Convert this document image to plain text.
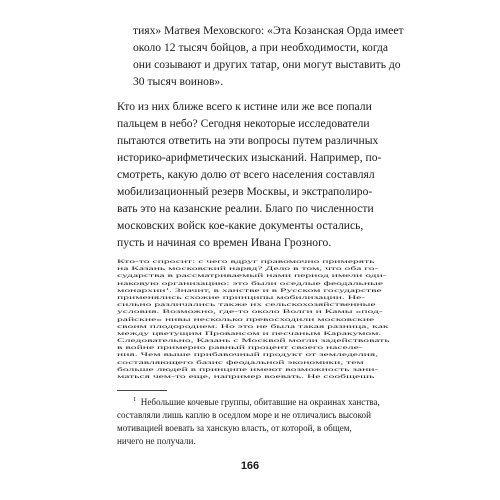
тиях» Матвея Меховского: «Эта Козанская Орда имеет
около 12 тысяч бойцов, а при необходимости, когда
они созывают и других татар, они могут выставить до
30 тысяч воинов».
Кто из них ближе всего к истине или же все попали
пальцем в небо? Сегодня некоторые исследователи
пытаются ответить на эти вопросы путем различных
историко-арифметических изысканий. Например, по-
смотреть, какую долю от всего населения составлял
мобилизационный резерв Москвы, и экстраполиро-
вать это на казанские реалии. Благо по численности
московских войск кое-какие документы остались,
пусть и начиная со времен Ивана Грозного.
Кто-то спросит: с чего вдруг правомочно примерять
на Казань московский наряд? Дело в том, что оба го-
сударства в рассматриваемый нами период имели оди-
наковую организацию: это были оседлые феодальные
монархии$^1$. Значит, в ханстве и в Русском государстве
применялись схожие принципы мобилизации. Не-
сильно различались также их сельскохозяйственные
условия. Возможно, где-то около Волги и Камы «под-
райские» нивы несколько превосходили московские
своим плодородием. Но это не была такая разница, как
между цветущим Провансом и песчаным Каракумом.
Следовательно, Казань с Москвой могли задействовать
в войне примерно равный процент своего населе-
ния. Чем выше прибавочный продукт от земледелия,
составляющего базис феодальной экономики, тем
больше людей в принципе имеют возможность зани-
маться чем-то еще, например воевать. Не сообщешь
$^1$ Небольшие кочевые группы, обитавшие на окраинах ханства,
составляли лишь каплю в оседлом море и не отличались высокой
мотивацией воевать за ханскую власть, от которой, в общем,
ничего не получали.
166
